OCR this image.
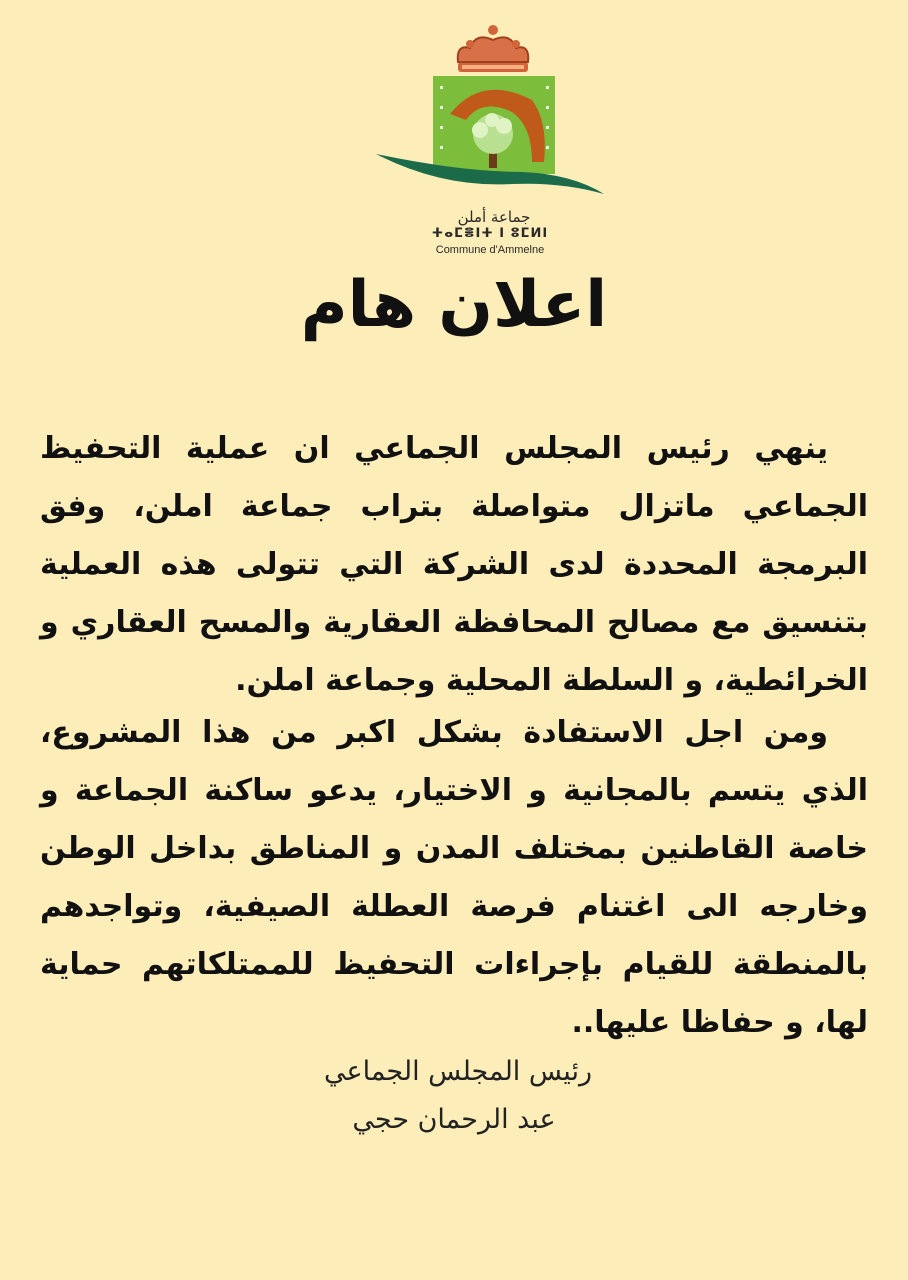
جماعة أملن
ⵜⴰⵎⴻⵏⵜ ⵏ ⵓⵎⵍⵏ
Commune d'Ammelne
اعلان هام

ينهي رئيس المجلس الجماعي ان عملية التحفيظ الجماعي ماتزال متواصلة بتراب جماعة املن، وفق البرمجة المحددة لدى الشركة التي تتولى هذه العملية بتنسيق مع مصالح المحافظة العقارية والمسح العقاري و الخرائطية، و السلطة المحلية وجماعة املن.

ومن اجل الاستفادة بشكل اكبر من هذا المشروع، الذي يتسم بالمجانية و الاختيار، يدعو ساكنة الجماعة و خاصة القاطنين بمختلف المدن و المناطق بداخل الوطن وخارجه الى اغتنام فرصة العطلة الصيفية، وتواجدهم بالمنطقة للقيام بإجراءات التحفيظ للممتلكاتهم حماية لها، و حفاظا عليها..

رئيس المجلس الجماعي
عبد الرحمان حجي
